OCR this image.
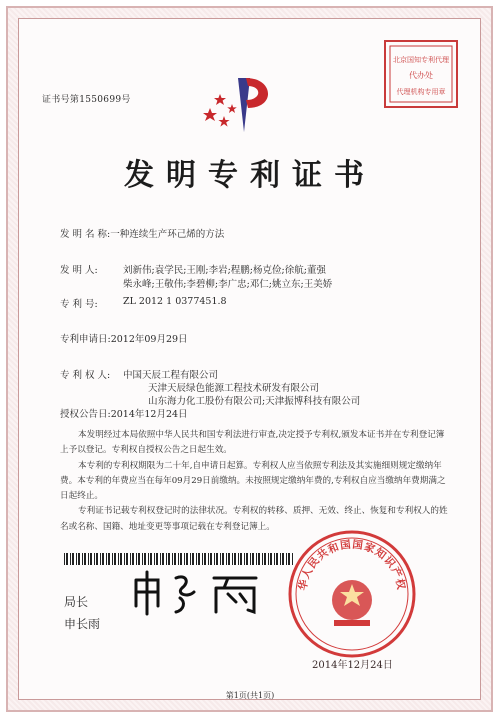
北京国知专利代理
代办处
代理机构专用章
证书号第1550699号
发明专利证书
发 明 名 称:一种连续生产环己烯的方法
发 明 人:	刘新伟;袁学民;王刚;李岩;程鹏;杨克俭;徐航;董强
柴永峰;王敬伟;李碧柳;李广忠;邓仁;姚立东;王美娇
专 利 号:	ZL 2012 1 0377451.8
专利申请日:2012年09月29日
专 利 权 人: 中国天辰工程有限公司
天津天辰绿色能源工程技术研发有限公司
山东海力化工股份有限公司;天津振博科技有限公司
授权公告日:2014年12月24日

本发明经过本局依照中华人民共和国专利法进行审查,决定授予专利权,颁发本证书并在专利登记簿上予以登记。专利权自授权公告之日起生效。

本专利的专利权期限为二十年,自申请日起算。专利权人应当依照专利法及其实施细则规定缴纳年费。本专利的年费应当在每年09月29日前缴纳。未按照规定缴纳年费的,专利权自应当缴纳年费期满之日起终止。

专利证书记载专利权登记时的法律状况。专利权的转移、质押、无效、终止、恢复和专利权人的姓名或名称、国籍、地址变更等事项记载在专利登记簿上。

局长
申长雨
华人民共和国国家知识产权
2014年12月24日
第1页(共1页)
